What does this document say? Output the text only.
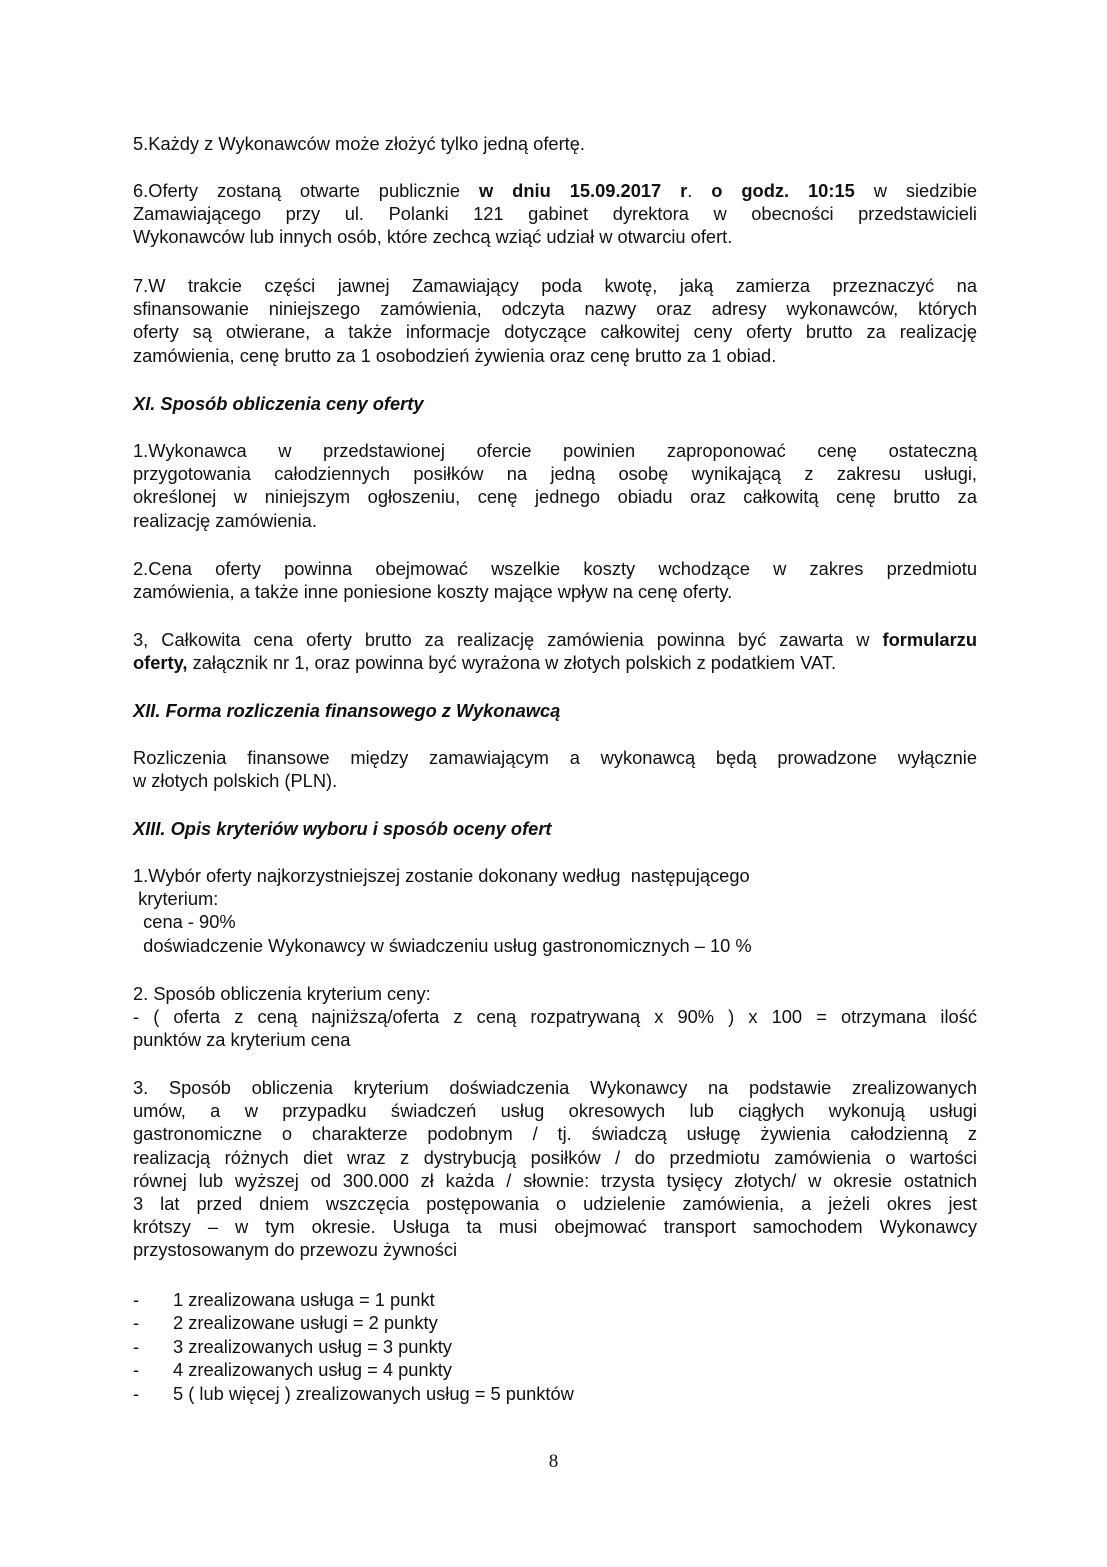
5.Każdy z Wykonawców może złożyć tylko jedną ofertę.

6.Oferty zostaną otwarte publicznie w dniu 15.09.2017 r. o godz. 10:15 w siedzibie
Zamawiającego przy ul. Polanki 121 gabinet dyrektora w obecności przedstawicieli
Wykonawców lub innych osób, które zechcą wziąć udział w otwarciu ofert.

7.W trakcie części jawnej Zamawiający poda kwotę, jaką zamierza przeznaczyć na
sfinansowanie niniejszego zamówienia, odczyta nazwy oraz adresy wykonawców, których
oferty są otwierane, a także informacje dotyczące całkowitej ceny oferty brutto za realizację
zamówienia, cenę brutto za 1 osobodzień żywienia oraz cenę brutto za 1 obiad.

XI. Sposób obliczenia ceny oferty

1.Wykonawca w przedstawionej ofercie powinien zaproponować cenę ostateczną
przygotowania całodziennych posiłków na jedną osobę wynikającą z zakresu usługi,
określonej w niniejszym ogłoszeniu, cenę jednego obiadu oraz całkowitą cenę brutto za
realizację zamówienia.

2.Cena oferty powinna obejmować wszelkie koszty wchodzące w zakres przedmiotu
zamówienia, a także inne poniesione koszty mające wpływ na cenę oferty.

3, Całkowita cena oferty brutto za realizację zamówienia powinna być zawarta w formularzu
oferty, załącznik nr 1, oraz powinna być wyrażona w złotych polskich z podatkiem VAT.

XII. Forma rozliczenia finansowego z Wykonawcą

Rozliczenia finansowe między zamawiającym a wykonawcą będą prowadzone wyłącznie
w złotych polskich (PLN).

XIII. Opis kryteriów wyboru i sposób oceny ofert

1.Wybór oferty najkorzystniejszej zostanie dokonany według  następującego
kryterium:
cena - 90%
doświadczenie Wykonawcy w świadczeniu usług gastronomicznych – 10 %

2. Sposób obliczenia kryterium ceny:
- ( oferta z ceną najniższą/oferta z ceną rozpatrywaną x 90% ) x 100 = otrzymana ilość
punktów za kryterium cena

3. Sposób obliczenia kryterium doświadczenia Wykonawcy na podstawie zrealizowanych
umów, a w przypadku świadczeń usług okresowych lub ciągłych wykonują usługi
gastronomiczne o charakterze podobnym / tj. świadczą usługę żywienia całodzienną z
realizacją różnych diet wraz z dystrybucją posiłków / do przedmiotu zamówienia o wartości
równej lub wyższej od 300.000 zł każda / słownie: trzysta tysięcy złotych/ w okresie ostatnich
3 lat przed dniem wszczęcia postępowania o udzielenie zamówienia, a jeżeli okres jest
krótszy – w tym okresie. Usługa ta musi obejmować transport samochodem Wykonawcy
przystosowanym do przewozu żywności

- 1 zrealizowana usługa = 1 punkt
- 2 zrealizowane usługi = 2 punkty
- 3 zrealizowanych usług = 3 punkty
- 4 zrealizowanych usług = 4 punkty
- 5 ( lub więcej ) zrealizowanych usług = 5 punktów
8
